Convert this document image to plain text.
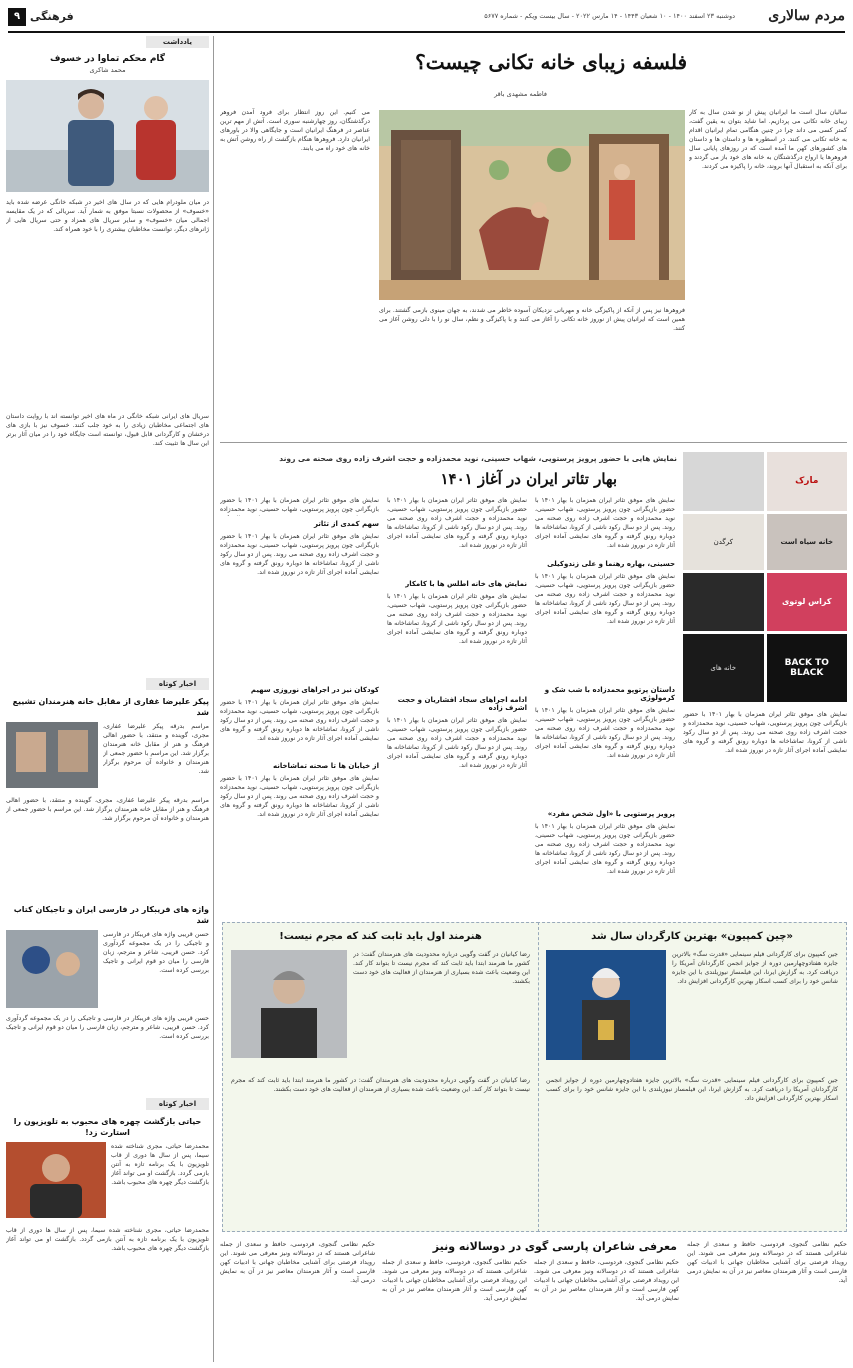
مردم سالاری
دوشنبه ۲۳ اسفند ۱۴۰۰ - ۱۰ شعبان ۱۴۴۳ - ۱۴ مارس ۲۰۲۲ - سال بیست ویکم - شماره ۵۶۷۷
فرهنگی
۹
یادداشت
گام محکم تماوا در خسوف
محمد شاکری
در میان ملودرام هایی که در سال های اخیر در شبکه خانگی عرضه شده باید «خسوف» از محصولات نسبتا موفق به شمار آید. سریالی که در یک مقایسه اجمالی میان «خسوف» و سایر سریال های همزاد و حتی سریال هایی از ژانرهای دیگر، توانست مخاطبان بیشتری را با خود همراه کند.
سریال های ایرانی شبکه خانگی در ماه های اخیر توانسته اند با روایت داستان های اجتماعی مخاطبان زیادی را به خود جلب کنند. خسوف نیز با بازی های درخشان و کارگردانی قابل قبول، توانسته است جایگاه خود را در میان آثار برتر این سال ها تثبیت کند.
اخبار کوتاه
پیکر علیرضا غفاری از مقابل خانه هنرمندان تشییع شد
مراسم بدرقه پیکر علیرضا غفاری، مجری، گوینده و منتقد، با حضور اهالی فرهنگ و هنر از مقابل خانه هنرمندان برگزار شد. این مراسم با حضور جمعی از هنرمندان و خانواده آن مرحوم برگزار شد.
مراسم بدرقه پیکر علیرضا غفاری، مجری، گوینده و منتقد، با حضور اهالی فرهنگ و هنر از مقابل خانه هنرمندان برگزار شد. این مراسم با حضور جمعی از هنرمندان و خانواده آن مرحوم برگزار شد.
واژه های فریبکار در فارسی ایران و تاجیکان کتاب شد
حسن قریبی واژه های فریبکار در فارسی و تاجیکی را در یک مجموعه گردآوری کرد. حسن قریبی، شاعر و مترجم، زبان فارسی را میان دو قوم ایرانی و تاجیک بررسی کرده است.
حسن قریبی واژه های فریبکار در فارسی و تاجیکی را در یک مجموعه گردآوری کرد. حسن قریبی، شاعر و مترجم، زبان فارسی را میان دو قوم ایرانی و تاجیک بررسی کرده است.
اخبار کوتاه
حیاتی بازگشت چهره های محبوب به تلویزیون را استارت زد!
محمدرضا حیاتی، مجری شناخته شده سیما، پس از سال ها دوری از قاب تلویزیون با یک برنامه تازه به آنتن بازمی گردد. بازگشت او می تواند آغاز بازگشت دیگر چهره های محبوب باشد.
محمدرضا حیاتی، مجری شناخته شده سیما، پس از سال ها دوری از قاب تلویزیون با یک برنامه تازه به آنتن بازمی گردد. بازگشت او می تواند آغاز بازگشت دیگر چهره های محبوب باشد.
فلسفه زیبای خانه تکانی چیست؟
فاطمه مشهدی باقر
سالیان سال است ما ایرانیان پیش از نو شدن سال به کار زیبای خانه تکانی می پردازیم. اما شاید بتوان به یقین گفت، کمتر کسی می داند چرا در چنین هنگامی تمام ایرانیان اقدام به خانه تکانی می کنند. در اسطوره ها و داستان ها و داستان های کشورهای کهن ما آمده است که در روزهای پایانی سال فروهرها یا ارواح درگذشتگان به خانه های خود باز می گردند و برای آنکه به استقبال آنها بروند، خانه را پاکیزه می کردند.
فروهرها نیز پس از آنکه از پاکیزگی خانه و مهربانی نزدیکان آسوده خاطر می شدند، به جهان مینوی بازمی گشتند. برای همین است که ایرانیان پیش از نوروز خانه تکانی را آغاز می کنند و با پاکیزگی و نظم، سال نو را با دلی روشن آغاز می کنند.
می کنیم. این روز انتظار برای فرود آمدن فروهر درگذشتگان، روز چهارشنبه سوری است. آتش از مهم ترین عناصر در فرهنگ ایرانیان است و جایگاهی والا در باورهای ایرانیان دارد. فروهرها هنگام بازگشت از راه روشن آتش به خانه های خود راه می یابند.
نمایش هایی با حضور پرویز پرستویی، شهاب حسینی، نوید محمدزاده و حجت اشرف زاده روی صحنه می روند
بهار تئاتر ایران در آغاز ۱۴۰۱	مارک
خانه سیاه است
کرگدن
کراس لوتوی
BACK TO BLACK
خانه های
نمایش های موفق تئاتر ایران همزمان با بهار ۱۴۰۱ با حضور بازیگرانی چون پرویز پرستویی، شهاب حسینی، نوید محمدزاده و حجت اشرف زاده روی صحنه می روند. پس از دو سال رکود ناشی از کرونا، تماشاخانه ها دوباره رونق گرفته و گروه های نمایشی آماده اجرای آثار تازه در نوروز شده اند.
نمایش های موفق تئاتر ایران همزمان با بهار ۱۴۰۱ با حضور بازیگرانی چون پرویز پرستویی، شهاب حسینی، نوید محمدزاده و حجت اشرف زاده روی صحنه می روند. پس از دو سال رکود ناشی از کرونا، تماشاخانه ها دوباره رونق گرفته و گروه های نمایشی آماده اجرای آثار تازه در نوروز شده اند.
حسینی، بهاره رهنما و علی زندوکیلی
نمایش های موفق تئاتر ایران همزمان با بهار ۱۴۰۱ با حضور بازیگرانی چون پرویز پرستویی، شهاب حسینی، نوید محمدزاده و حجت اشرف زاده روی صحنه می روند. پس از دو سال رکود ناشی از کرونا، تماشاخانه ها دوباره رونق گرفته و گروه های نمایشی آماده اجرای آثار تازه در نوروز شده اند.
داستان پرتوپو محمدزاده با شب شک و کرمولوژی
نمایش های موفق تئاتر ایران همزمان با بهار ۱۴۰۱ با حضور بازیگرانی چون پرویز پرستویی، شهاب حسینی، نوید محمدزاده و حجت اشرف زاده روی صحنه می روند. پس از دو سال رکود ناشی از کرونا، تماشاخانه ها دوباره رونق گرفته و گروه های نمایشی آماده اجرای آثار تازه در نوروز شده اند.
پرویز پرستویی با «اول شخص مفرد»
نمایش های موفق تئاتر ایران همزمان با بهار ۱۴۰۱ با حضور بازیگرانی چون پرویز پرستویی، شهاب حسینی، نوید محمدزاده و حجت اشرف زاده روی صحنه می روند. پس از دو سال رکود ناشی از کرونا، تماشاخانه ها دوباره رونق گرفته و گروه های نمایشی آماده اجرای آثار تازه در نوروز شده اند.
نمایش های موفق تئاتر ایران همزمان با بهار ۱۴۰۱ با حضور بازیگرانی چون پرویز پرستویی، شهاب حسینی، نوید محمدزاده و حجت اشرف زاده روی صحنه می روند. پس از دو سال رکود ناشی از کرونا، تماشاخانه ها دوباره رونق گرفته و گروه های نمایشی آماده اجرای آثار تازه در نوروز شده اند.
نمایش های خانه اطلس ها با کامکار
نمایش های موفق تئاتر ایران همزمان با بهار ۱۴۰۱ با حضور بازیگرانی چون پرویز پرستویی، شهاب حسینی، نوید محمدزاده و حجت اشرف زاده روی صحنه می روند. پس از دو سال رکود ناشی از کرونا، تماشاخانه ها دوباره رونق گرفته و گروه های نمایشی آماده اجرای آثار تازه در نوروز شده اند.
ادامه اجراهای سجاد افشاریان و حجت اشرف زاده
نمایش های موفق تئاتر ایران همزمان با بهار ۱۴۰۱ با حضور بازیگرانی چون پرویز پرستویی، شهاب حسینی، نوید محمدزاده و حجت اشرف زاده روی صحنه می روند. پس از دو سال رکود ناشی از کرونا، تماشاخانه ها دوباره رونق گرفته و گروه های نمایشی آماده اجرای آثار تازه در نوروز شده اند.
نمایش های موفق تئاتر ایران همزمان با بهار ۱۴۰۱ با حضور بازیگرانی چون پرویز پرستویی، شهاب حسینی، نوید محمدزاده
سهم کمدی از تئاتر
نمایش های موفق تئاتر ایران همزمان با بهار ۱۴۰۱ با حضور بازیگرانی چون پرویز پرستویی، شهاب حسینی، نوید محمدزاده و حجت اشرف زاده روی صحنه می روند. پس از دو سال رکود ناشی از کرونا، تماشاخانه ها دوباره رونق گرفته و گروه های نمایشی آماده اجرای آثار تازه در نوروز شده اند.
کودکان نیز در اجراهای نوروزی سهیم
نمایش های موفق تئاتر ایران همزمان با بهار ۱۴۰۱ با حضور بازیگرانی چون پرویز پرستویی، شهاب حسینی، نوید محمدزاده و حجت اشرف زاده روی صحنه می روند. پس از دو سال رکود ناشی از کرونا، تماشاخانه ها دوباره رونق گرفته و گروه های نمایشی آماده اجرای آثار تازه در نوروز شده اند.
از خیابان ها تا صحنه تماشاخانه
نمایش های موفق تئاتر ایران همزمان با بهار ۱۴۰۱ با حضور بازیگرانی چون پرویز پرستویی، شهاب حسینی، نوید محمدزاده و حجت اشرف زاده روی صحنه می روند. پس از دو سال رکود ناشی از کرونا، تماشاخانه ها دوباره رونق گرفته و گروه های نمایشی آماده اجرای آثار تازه در نوروز شده اند.
«چین کمپیون» بهترین کارگردان سال شد
جین کمپیون برای کارگردانی فیلم سینمایی «قدرت سگ» بالاترین جایزه هفتادوچهارمین دوره از جوایز انجمن کارگردانان آمریکا را دریافت کرد. به گزارش ایرنا، این فیلمساز نیوزیلندی با این جایزه شانس خود را برای کسب اسکار بهترین کارگردانی افزایش داد.
جین کمپیون برای کارگردانی فیلم سینمایی «قدرت سگ» بالاترین جایزه هفتادوچهارمین دوره از جوایز انجمن کارگردانان آمریکا را دریافت کرد. به گزارش ایرنا، این فیلمساز نیوزیلندی با این جایزه شانس خود را برای کسب اسکار بهترین کارگردانی افزایش داد.
هنرمند اول باید ثابت کند که مجرم نیست!
رضا کیانیان در گفت وگویی درباره محدودیت های هنرمندان گفت: در کشور ما هنرمند ابتدا باید ثابت کند که مجرم نیست تا بتواند کار کند. این وضعیت باعث شده بسیاری از هنرمندان از فعالیت های خود دست بکشند.
رضا کیانیان در گفت وگویی درباره محدودیت های هنرمندان گفت: در کشور ما هنرمند ابتدا باید ثابت کند که مجرم نیست تا بتواند کار کند. این وضعیت باعث شده بسیاری از هنرمندان از فعالیت های خود دست بکشند.
معرفی شاعران پارسی گوی در دوسالانه ونیز حکیم نظامی گنجوی، فردوسی، حافظ و سعدی از جمله شاعرانی هستند که در دوسالانه ونیز معرفی می شوند. این رویداد فرصتی برای آشنایی مخاطبان جهانی با ادبیات کهن فارسی است و آثار هنرمندان معاصر نیز در آن به نمایش درمی آید.
حکیم نظامی گنجوی، فردوسی، حافظ و سعدی از جمله شاعرانی هستند که در دوسالانه ونیز معرفی می شوند. این رویداد فرصتی برای آشنایی مخاطبان جهانی با ادبیات کهن فارسی است و آثار هنرمندان معاصر نیز در آن به نمایش درمی آید.
حکیم نظامی گنجوی، فردوسی، حافظ و سعدی از جمله شاعرانی هستند که در دوسالانه ونیز معرفی می شوند. این رویداد فرصتی برای آشنایی مخاطبان جهانی با ادبیات کهن فارسی است و آثار هنرمندان معاصر نیز در آن به نمایش درمی آید.
حکیم نظامی گنجوی، فردوسی، حافظ و سعدی از جمله شاعرانی هستند که در دوسالانه ونیز معرفی می شوند. این رویداد فرصتی برای آشنایی مخاطبان جهانی با ادبیات کهن فارسی است و آثار هنرمندان معاصر نیز در آن به نمایش درمی آید.
